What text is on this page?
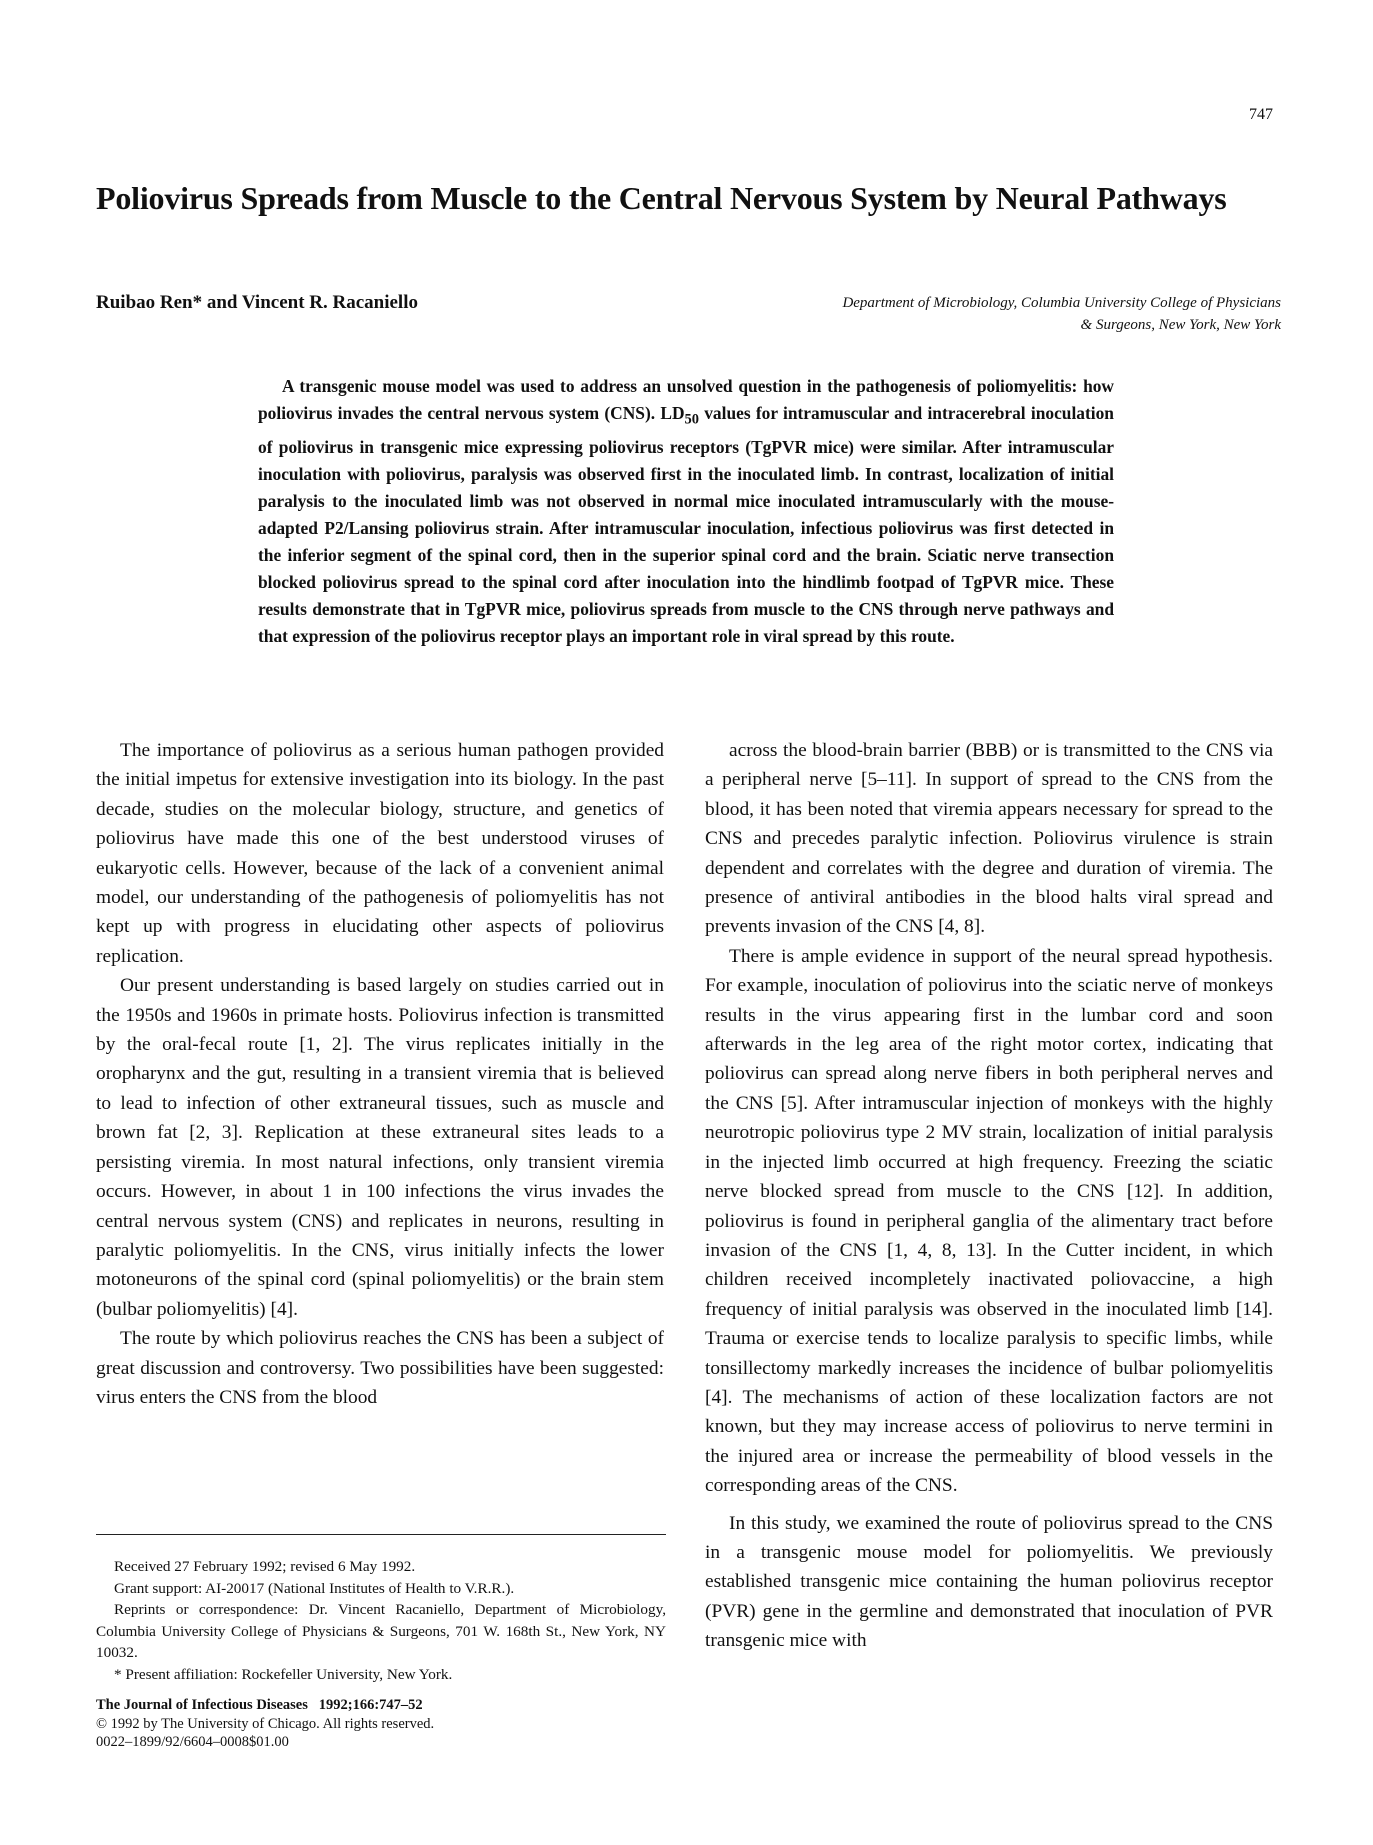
747
Poliovirus Spreads from Muscle to the Central Nervous System by Neural Pathways
Ruibao Ren* and Vincent R. Racaniello	Department of Microbiology, Columbia University College of Physicians
& Surgeons, New York, New York

A transgenic mouse model was used to address an unsolved question in the pathogenesis of poliomyelitis: how poliovirus invades the central nervous system (CNS). $LD_{50}$ values for intramuscular and intracerebral inoculation of poliovirus in transgenic mice expressing poliovirus receptors (TgPVR mice) were similar. After intramuscular inoculation with poliovirus, paralysis was observed first in the inoculated limb. In contrast, localization of initial paralysis to the inoculated limb was not observed in normal mice inoculated intramuscularly with the mouse-adapted P2/Lansing poliovirus strain. After intramuscular inoculation, infectious poliovirus was first detected in the inferior segment of the spinal cord, then in the superior spinal cord and the brain. Sciatic nerve transection blocked poliovirus spread to the spinal cord after inoculation into the hindlimb footpad of TgPVR mice. These results demonstrate that in TgPVR mice, poliovirus spreads from muscle to the CNS through nerve pathways and that expression of the poliovirus receptor plays an important role in viral spread by this route.

The importance of poliovirus as a serious human pathogen provided the initial impetus for extensive investigation into its biology. In the past decade, studies on the molecular biology, structure, and genetics of poliovirus have made this one of the best understood viruses of eukaryotic cells. However, because of the lack of a convenient animal model, our understanding of the pathogenesis of poliomyelitis has not kept up with progress in elucidating other aspects of poliovirus replication.

Our present understanding is based largely on studies carried out in the 1950s and 1960s in primate hosts. Poliovirus infection is transmitted by the oral-fecal route [1, 2]. The virus replicates initially in the oropharynx and the gut, resulting in a transient viremia that is believed to lead to infection of other extraneural tissues, such as muscle and brown fat [2, 3]. Replication at these extraneural sites leads to a persisting viremia. In most natural infections, only transient viremia occurs. However, in about 1 in 100 infections the virus invades the central nervous system (CNS) and replicates in neurons, resulting in paralytic poliomyelitis. In the CNS, virus initially infects the lower motoneurons of the spinal cord (spinal poliomyelitis) or the brain stem (bulbar poliomyelitis) [4].

The route by which poliovirus reaches the CNS has been a subject of great discussion and controversy. Two possibilities have been suggested: virus enters the CNS from the blood

across the blood-brain barrier (BBB) or is transmitted to the CNS via a peripheral nerve [5–11]. In support of spread to the CNS from the blood, it has been noted that viremia appears necessary for spread to the CNS and precedes paralytic infection. Poliovirus virulence is strain dependent and correlates with the degree and duration of viremia. The presence of antiviral antibodies in the blood halts viral spread and prevents invasion of the CNS [4, 8].

There is ample evidence in support of the neural spread hypothesis. For example, inoculation of poliovirus into the sciatic nerve of monkeys results in the virus appearing first in the lumbar cord and soon afterwards in the leg area of the right motor cortex, indicating that poliovirus can spread along nerve fibers in both peripheral nerves and the CNS [5]. After intramuscular injection of monkeys with the highly neurotropic poliovirus type 2 MV strain, localization of initial paralysis in the injected limb occurred at high frequency. Freezing the sciatic nerve blocked spread from muscle to the CNS [12]. In addition, poliovirus is found in peripheral ganglia of the alimentary tract before invasion of the CNS [1, 4, 8, 13]. In the Cutter incident, in which children received incompletely inactivated poliovaccine, a high frequency of initial paralysis was observed in the inoculated limb [14]. Trauma or exercise tends to localize paralysis to specific limbs, while tonsillectomy markedly increases the incidence of bulbar poliomyelitis [4]. The mechanisms of action of these localization factors are not known, but they may increase access of poliovirus to nerve termini in the injured area or increase the permeability of blood vessels in the corresponding areas of the CNS.

In this study, we examined the route of poliovirus spread to the CNS in a transgenic mouse model for poliomyelitis. We previously established transgenic mice containing the human poliovirus receptor (PVR) gene in the germline and demonstrated that inoculation of PVR transgenic mice with

Received 27 February 1992; revised 6 May 1992.

Grant support: AI-20017 (National Institutes of Health to V.R.R.).

Reprints or correspondence: Dr. Vincent Racaniello, Department of Microbiology, Columbia University College of Physicians & Surgeons, 701 W. 168th St., New York, NY 10032.

* Present affiliation: Rockefeller University, New York.

The Journal of Infectious Diseases 1992;166:747–52
© 1992 by The University of Chicago. All rights reserved.
0022–1899/92/6604–0008$01.00
